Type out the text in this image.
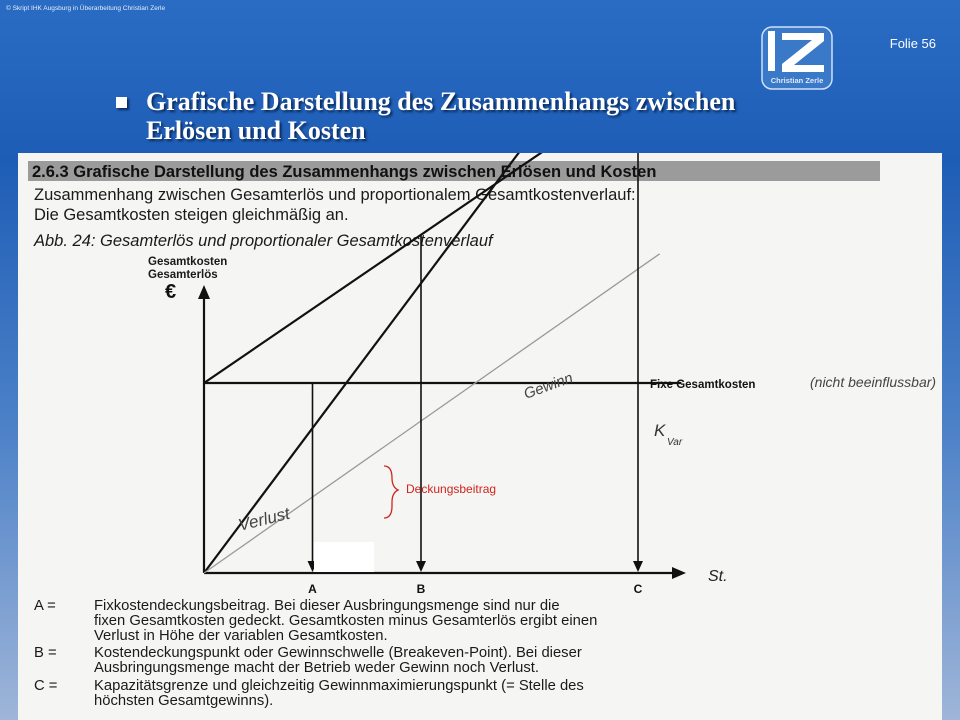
© Skript IHK Augsburg in Überarbeitung Christian Zerle
Folie 56
Christian Zerle
Grafische Darstellung des Zusammenhangs zwischen
Erlösen und Kosten
2.6.3 Grafische Darstellung des Zusammenhangs zwischen Erlösen und Kosten
Zusammenhang zwischen Gesamterlös und proportionalem Gesamtkostenverlauf:
Die Gesamtkosten steigen gleichmäßig an.
Abb. 24: Gesamterlös und proportionaler Gesamtkostenverlauf
Gesamtkosten
Gesamterlös
€
St.
Fixe Gesamtkosten	(nicht beeinflussbar)
K
Var
Gewinn
Verlust
A	B	C
Deckungsbeitrag
A =	Fixkostendeckungsbeitrag. Bei dieser Ausbringungsmenge sind nur die
fixen Gesamtkosten gedeckt. Gesamtkosten minus Gesamterlös ergibt einen
Verlust in Höhe der variablen Gesamtkosten.
B =	Kostendeckungspunkt oder Gewinnschwelle (Breakeven-Point). Bei dieser
Ausbringungsmenge macht der Betrieb weder Gewinn noch Verlust.
C = Kapazitätsgrenze und gleichzeitig Gewinnmaximierungspunkt (= Stelle des
höchsten Gesamtgewinns).
